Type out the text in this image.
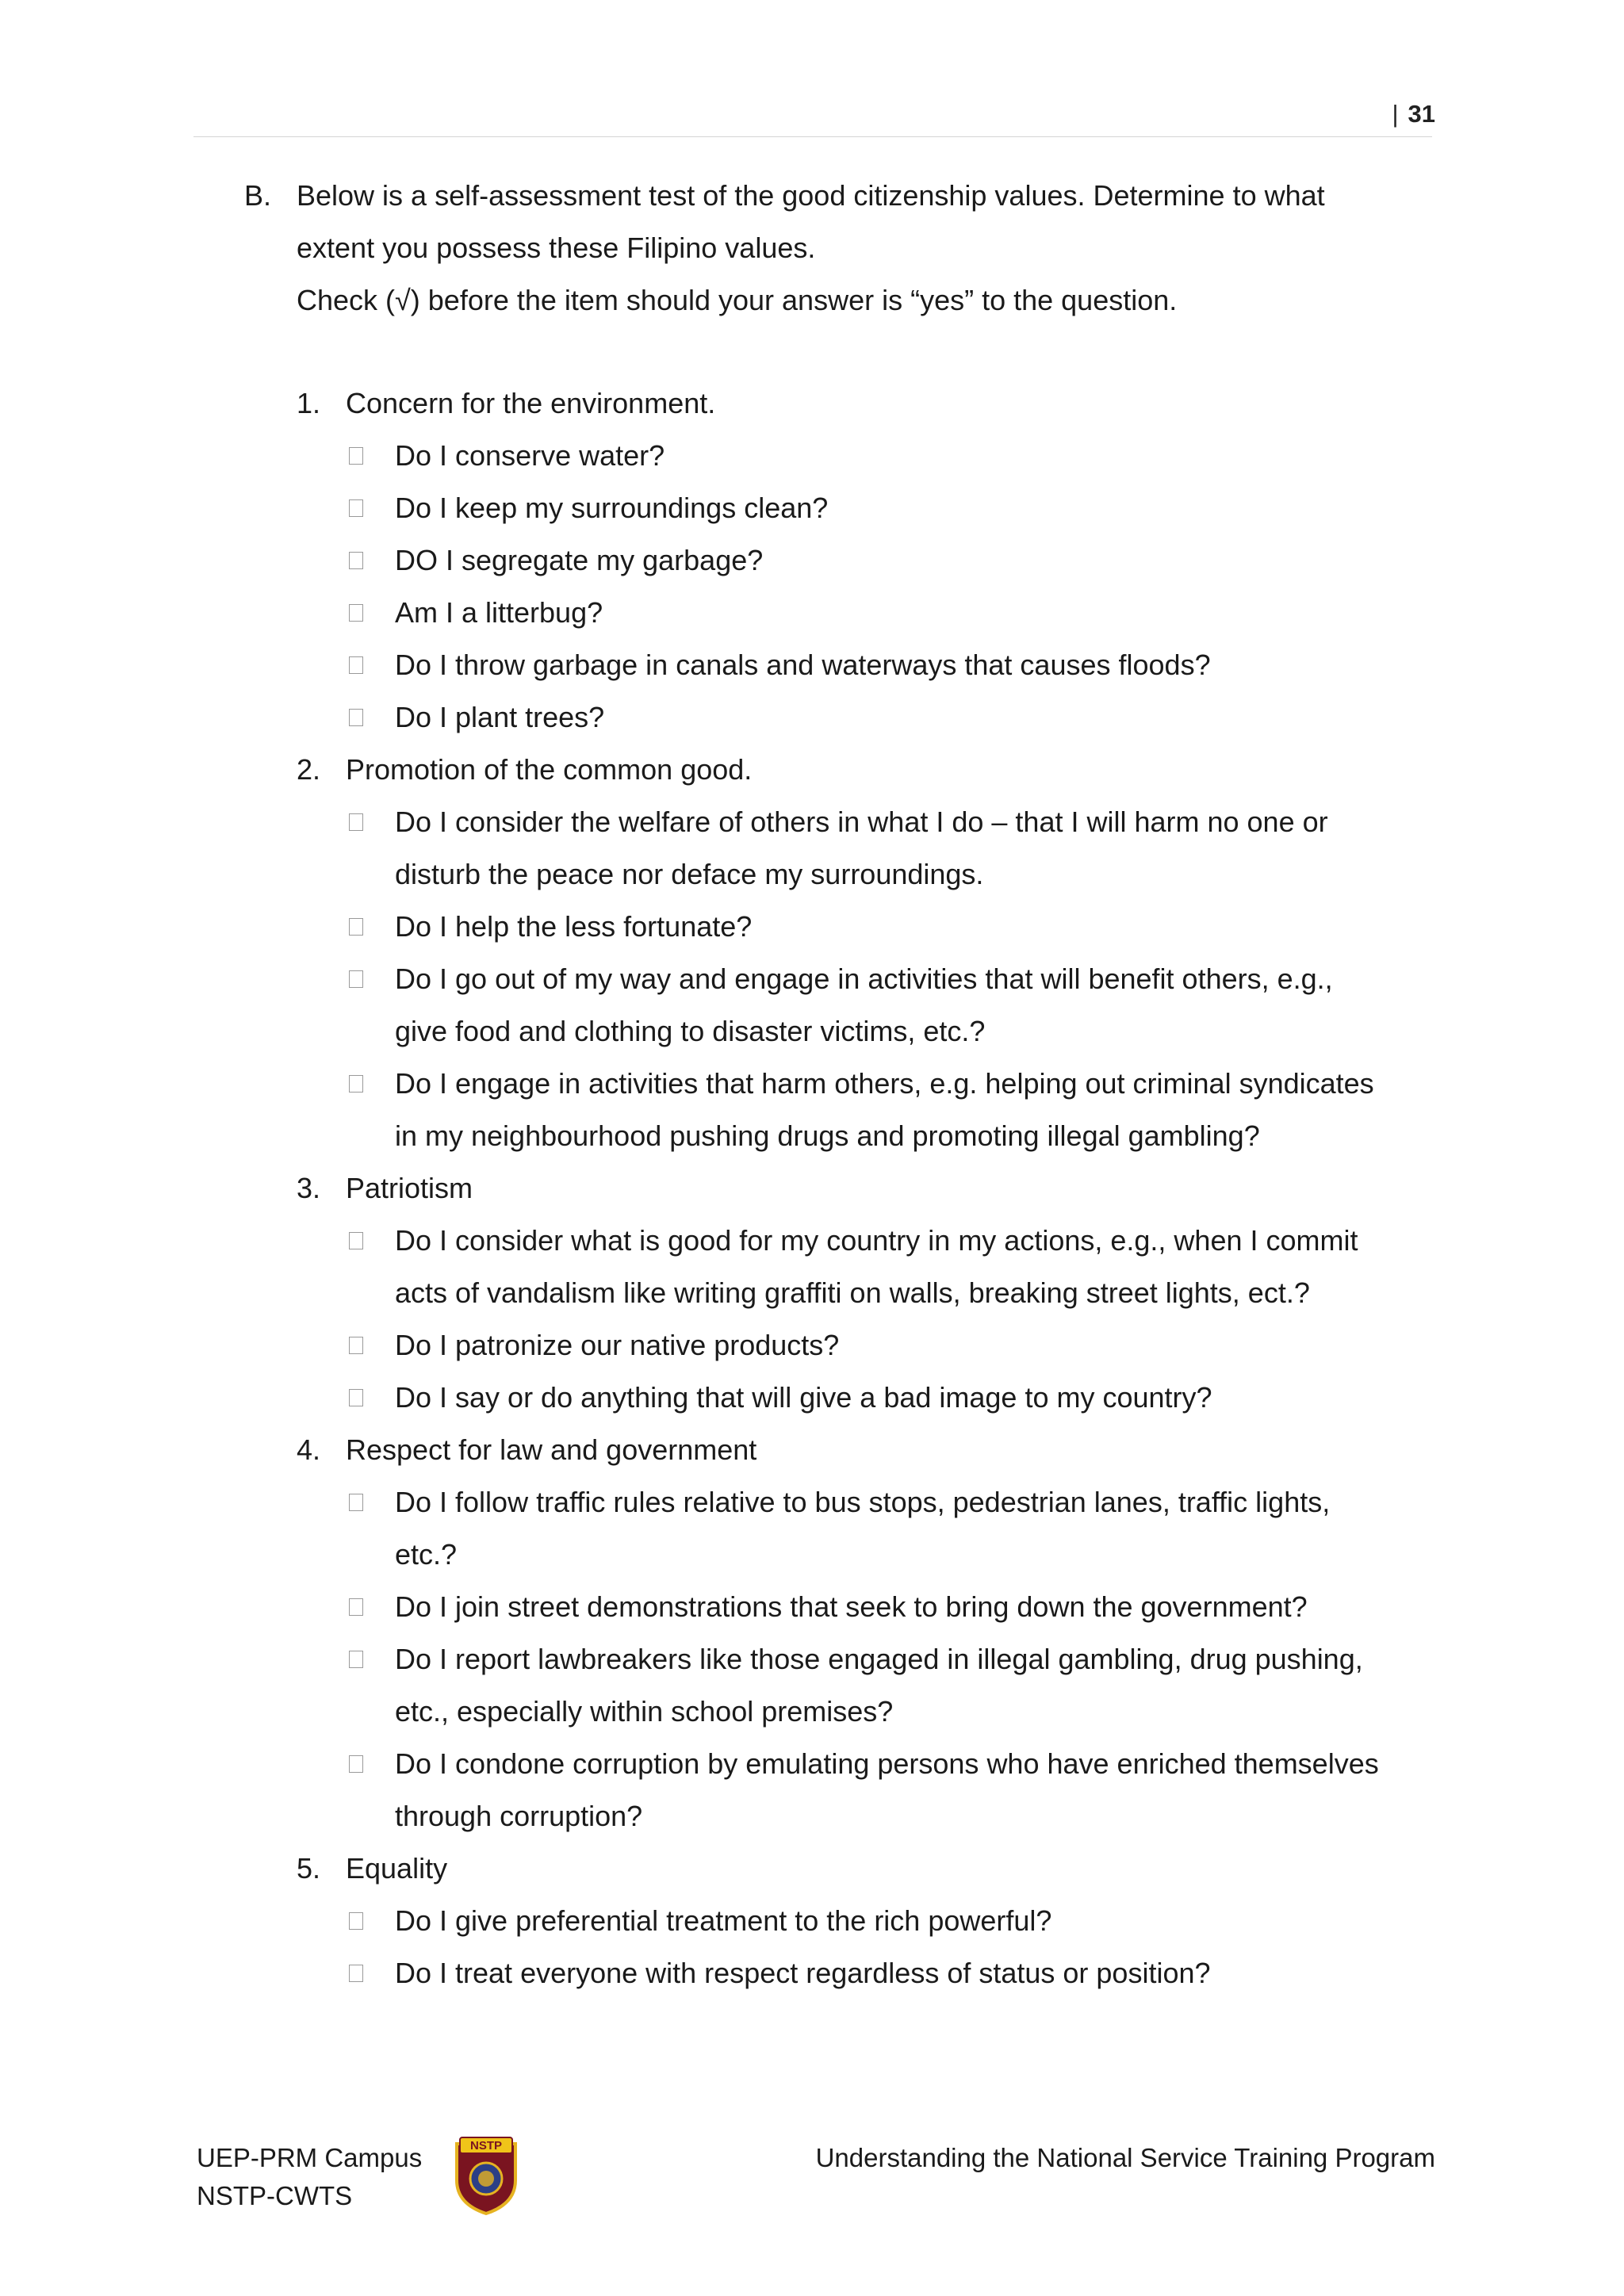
| 31
B. Below is a self-assessment test of the good citizenship values. Determine to what

extent you possess these Filipino values.

Check (√) before the item should your answer is “yes” to the question.

1. Concern for the environment.
Do I conserve water?
Do I keep my surroundings clean?
DO I segregate my garbage?
Am I a litterbug?
Do I throw garbage in canals and waterways that causes floods?
Do I plant trees?
2. Promotion of the common good.
Do I consider the welfare of others in what I do – that I will harm no one or
disturb the peace nor deface my surroundings.
Do I help the less fortunate?
Do I go out of my way and engage in activities that will benefit others, e.g.,
give food and clothing to disaster victims, etc.?
Do I engage in activities that harm others, e.g. helping out criminal syndicates
in my neighbourhood pushing drugs and promoting illegal gambling?
3. Patriotism
Do I consider what is good for my country in my actions, e.g., when I commit
acts of vandalism like writing graffiti on walls, breaking street lights, ect.?
Do I patronize our native products?
Do I say or do anything that will give a bad image to my country?
4. Respect for law and government
Do I follow traffic rules relative to bus stops, pedestrian lanes, traffic lights,
etc.?
Do I join street demonstrations that seek to bring down the government?
Do I report lawbreakers like those engaged in illegal gambling, drug pushing,
etc., especially within school premises?
Do I condone corruption by emulating persons who have enriched themselves
through corruption?
5. Equality
Do I give preferential treatment to the rich powerful?
Do I treat everyone with respect regardless of status or position?
UEP-PRM Campus
NSTP-CWTS
NSTP	Understanding the National Service Training Program
